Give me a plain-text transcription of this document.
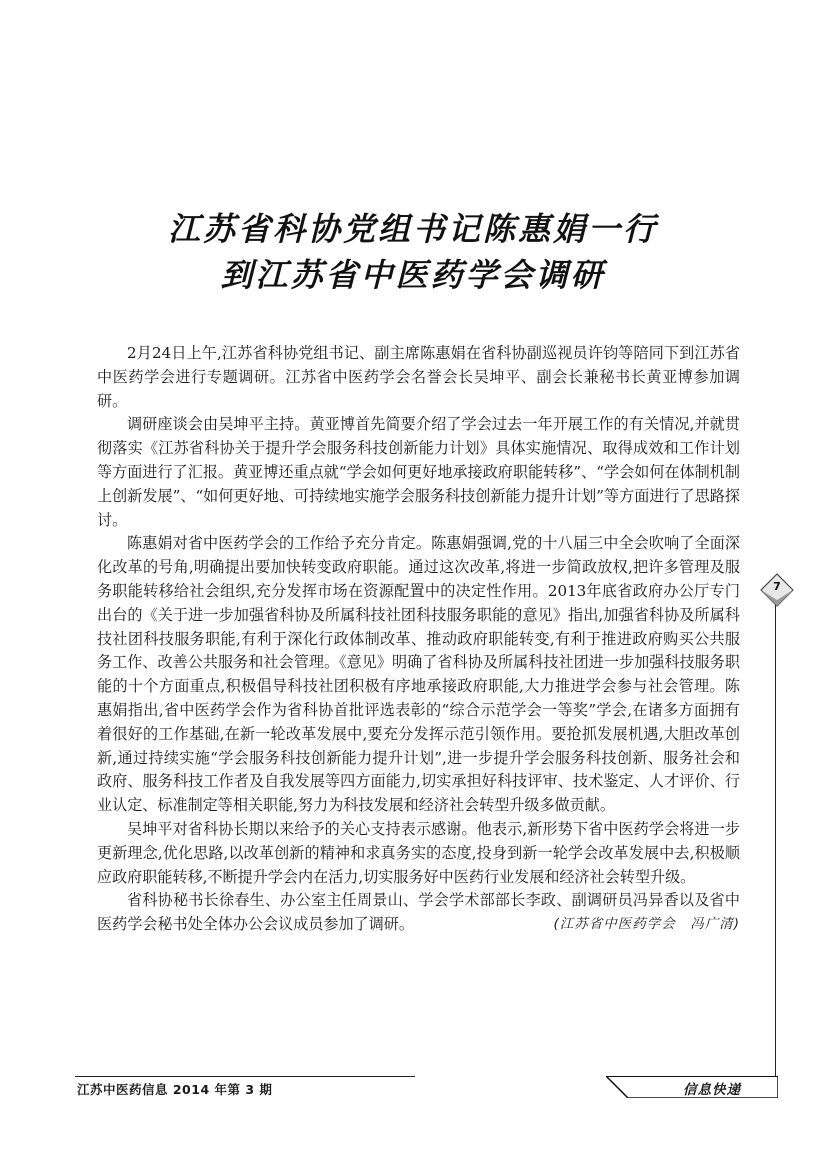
江苏省科协党组书记陈惠娟一行
到江苏省中医药学会调研

2月24日上午,江苏省科协党组书记、副主席陈惠娟在省科协副巡视员许钧等陪同下到江苏省中医药学会进行专题调研。江苏省中医药学会名誉会长吴坤平、副会长兼秘书长黄亚博参加调研。

调研座谈会由吴坤平主持。黄亚博首先简要介绍了学会过去一年开展工作的有关情况,并就贯彻落实《江苏省科协关于提升学会服务科技创新能力计划》具体实施情况、取得成效和工作计划等方面进行了汇报。黄亚博还重点就“学会如何更好地承接政府职能转移”、“学会如何在体制机制上创新发展”、“如何更好地、可持续地实施学会服务科技创新能力提升计划”等方面进行了思路探讨。

陈惠娟对省中医药学会的工作给予充分肯定。陈惠娟强调,党的十八届三中全会吹响了全面深化改革的号角,明确提出要加快转变政府职能。通过这次改革,将进一步简政放权,把许多管理及服务职能转移给社会组织,充分发挥市场在资源配置中的决定性作用。2013年底省政府办公厅专门出台的《关于进一步加强省科协及所属科技社团科技服务职能的意见》指出,加强省科协及所属科技社团科技服务职能,有利于深化行政体制改革、推动政府职能转变,有利于推进政府购买公共服务工作、改善公共服务和社会管理。《意见》明确了省科协及所属科技社团进一步加强科技服务职能的十个方面重点,积极倡导科技社团积极有序地承接政府职能,大力推进学会参与社会管理。陈惠娟指出,省中医药学会作为省科协首批评选表彰的“综合示范学会一等奖”学会,在诸多方面拥有着很好的工作基础,在新一轮改革发展中,要充分发挥示范引领作用。要抢抓发展机遇,大胆改革创新,通过持续实施“学会服务科技创新能力提升计划”,进一步提升学会服务科技创新、服务社会和政府、服务科技工作者及自我发展等四方面能力,切实承担好科技评审、技术鉴定、人才评价、行业认定、标准制定等相关职能,努力为科技发展和经济社会转型升级多做贡献。

吴坤平对省科协长期以来给予的关心支持表示感谢。他表示,新形势下省中医药学会将进一步更新理念,优化思路,以改革创新的精神和求真务实的态度,投身到新一轮学会改革发展中去,积极顺应政府职能转移,不断提升学会内在活力,切实服务好中医药行业发展和经济社会转型升级。

省科协秘书长徐春生、办公室主任周景山、学会学术部部长李政、副调研员冯异香以及省中医药学会秘书处全体办公会议成员参加了调研。	(江苏省中医药学会　冯广清)

7
江苏中医药信息 2014 年第 3 期	信息快递
